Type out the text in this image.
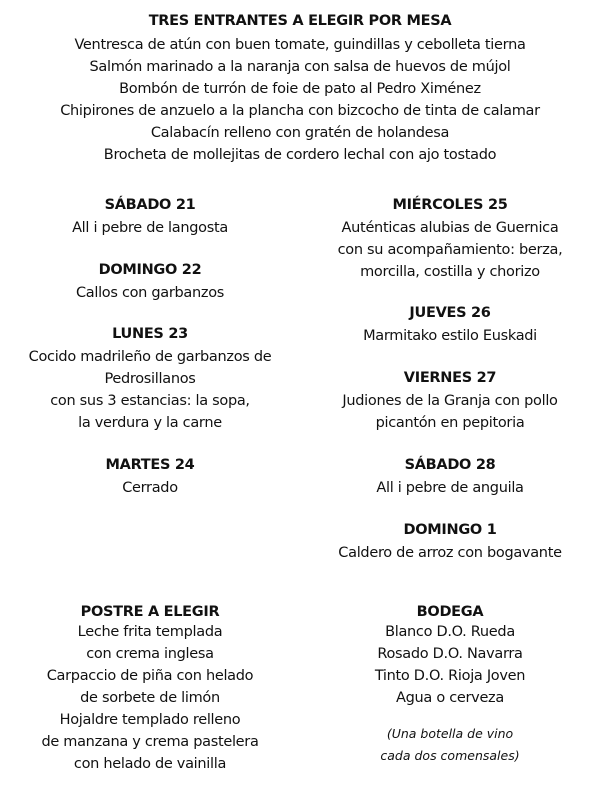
TRES ENTRANTES A ELEGIR POR MESA
Ventresca de atún con buen tomate, guindillas y cebolleta tierna
Salmón marinado a la naranja con salsa de huevos de mújol
Bombón de turrón de foie de pato al Pedro Ximénez
Chipirones de anzuelo a la plancha con bizcocho de tinta de calamar
Calabacín relleno con gratén de holandesa
Brocheta de mollejitas de cordero lechal con ajo tostado
SÁBADO 21
All i pebre de langosta
DOMINGO 22
Callos con garbanzos
LUNES 23
Cocido madrileño de garbanzos de
Pedrosillanos
con sus 3 estancias: la sopa,
la verdura y la carne
MARTES 24
Cerrado
MIÉRCOLES 25
Auténticas alubias de Guernica
con su acompañamiento: berza,
morcilla, costilla y chorizo
JUEVES 26
Marmitako estilo Euskadi
VIERNES 27
Judiones de la Granja con pollo
picantón en pepitoria
SÁBADO 28
All i pebre de anguila
DOMINGO 1
Caldero de arroz con bogavante
POSTRE A ELEGIR
Leche frita templada
con crema inglesa
Carpaccio de piña con helado
de sorbete de limón
Hojaldre templado relleno
de manzana y crema pastelera
con helado de vainilla
BODEGA
Blanco D.O. Rueda
Rosado D.O. Navarra
Tinto D.O. Rioja Joven
Agua o cerveza
(Una botella de vino
cada dos comensales)
